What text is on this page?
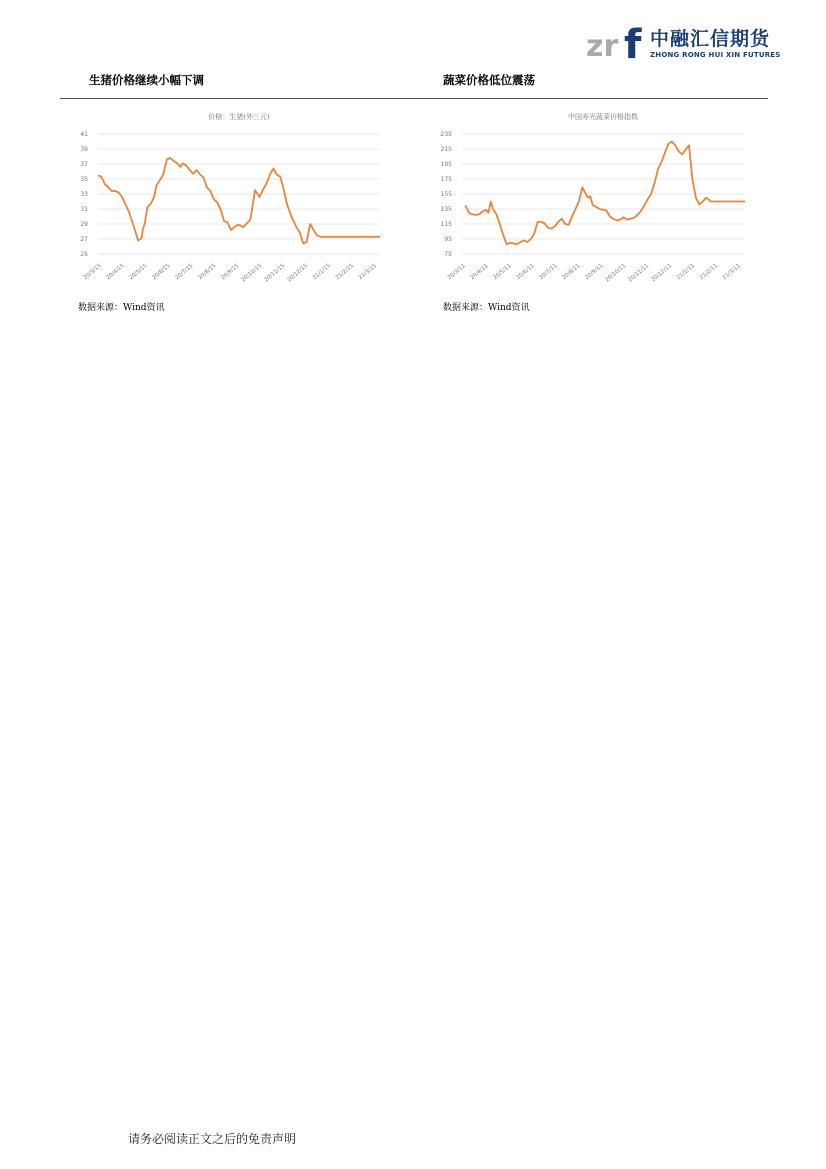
zr f 中融汇信期货
ZHONG RONG HUI XIN FUTURES
生猪价格继续小幅下调	蔬菜价格低位震荡
价格：生猪(外三元)
25
27
29
31
33
35
37
39
41
20/3/15 20/4/15 20/5/15 20/6/15 20/7/15 20/8/15 20/9/15 20/10/15 20/11/15 20/12/15 21/1/15 21/2/15 21/3/15
中国寿光蔬菜价格指数
75
95
115
135
155
175
195
215
235
20/3/11 20/4/11 20/5/11 20/6/11 20/7/11 20/8/11 20/9/11 20/10/11 20/11/11 20/12/11 21/1/11 21/2/11 21/3/11
数据来源：Wind资讯	数据来源：Wind资讯
请务必阅读正文之后的免责声明
